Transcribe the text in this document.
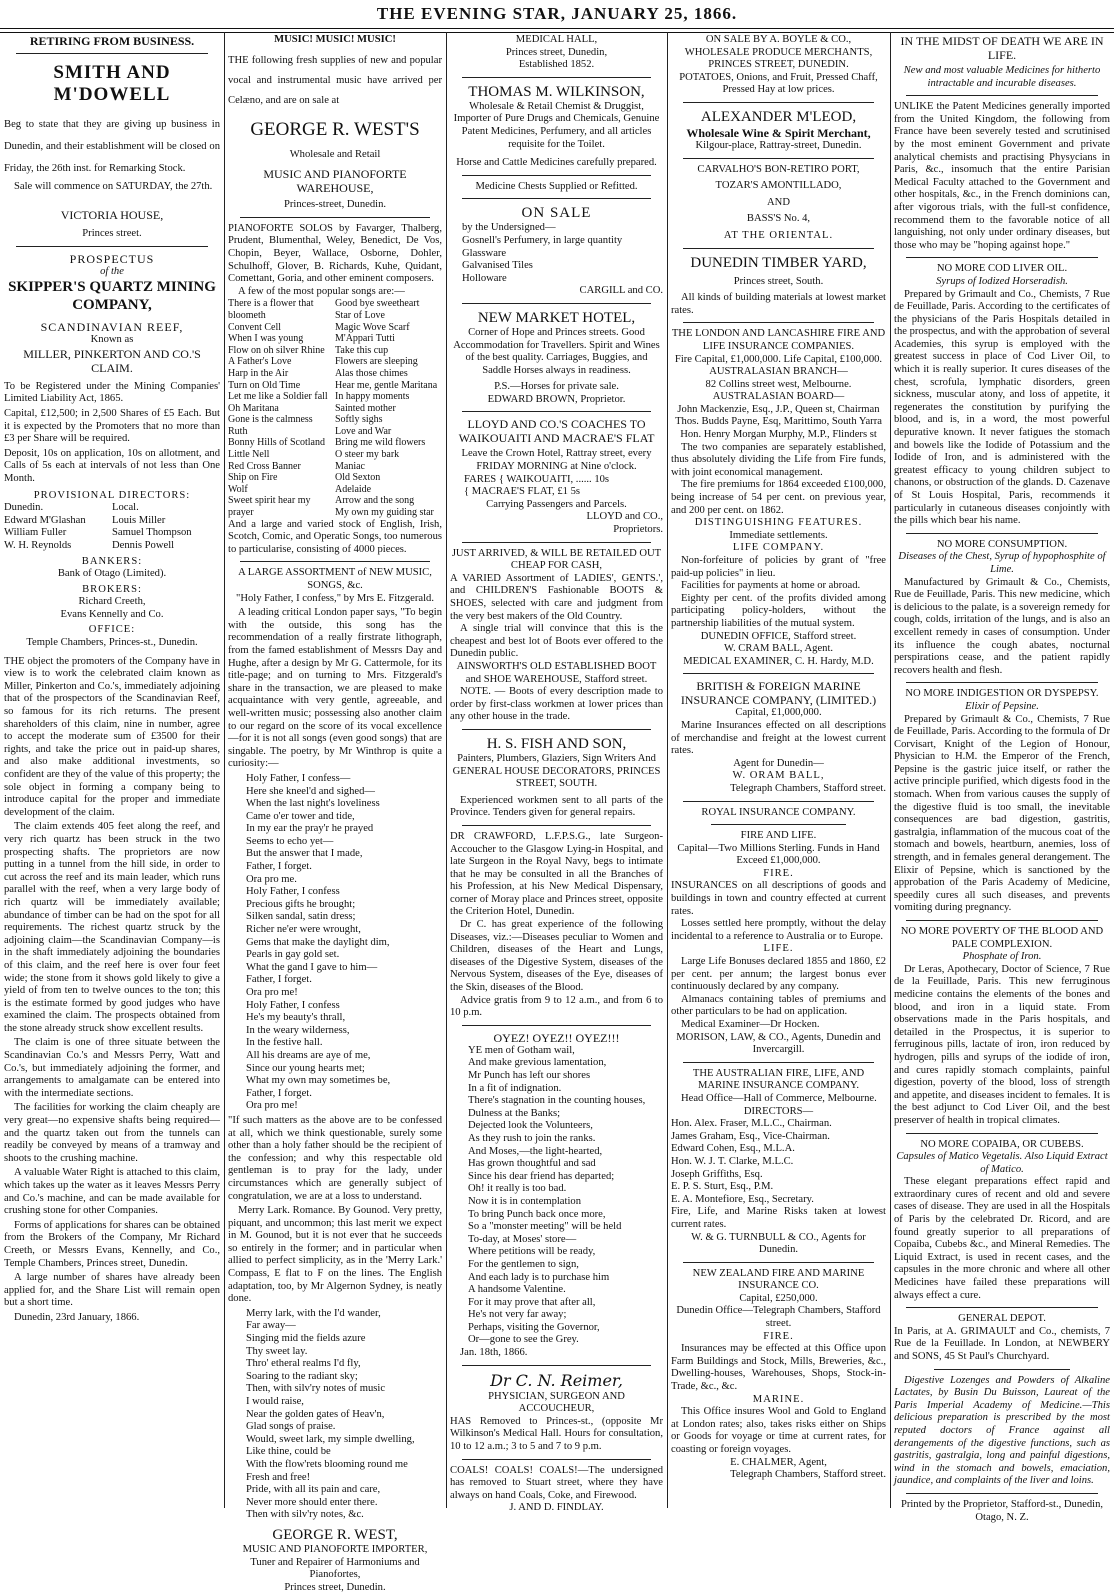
THE EVENING STAR, JANUARY 25, 1866.
RETIRING FROM BUSINESS.
SMITH AND M'DOWELL
Beg to state that they are giving up business in Dunedin, and their establishment will be closed on Friday, the 26th inst. for Remarking Stock.
Sale will commence on SATURDAY, the 27th.
VICTORIA HOUSE,
Princes street.
PROSPECTUS
of the
SKIPPER'S QUARTZ MINING
COMPANY,
SCANDINAVIAN REEF,
Known as
MILLER, PINKERTON AND CO.'S CLAIM.
To be Registered under the Mining Companies' Limited Liability Act, 1865.
Capital, £12,500; in 2,500 Shares of £5 Each. But it is expected by the Promoters that no more than £3 per Share will be required.
Deposit, 10s on application, 10s on allotment, and Calls of 5s each at intervals of not less than One Month.
PROVISIONAL DIRECTORS:
Dunedin.
Edward M'Glashan
William Fuller
W. H. Reynolds
Local.
Louis Miller
Samuel Thompson
Dennis Powell
BANKERS:
Bank of Otago (Limited).
BROKERS:
Richard Creeth,
Evans Kennelly and Co.
OFFICE:
Temple Chambers, Princes-st., Dunedin.
THE object the promoters of the Company have in view is to work the celebrated claim known as Miller, Pinkerton and Co.'s, immediately adjoining that of the prospectors of the Scandinavian Reef, so famous for its rich returns. The present shareholders of this claim, nine in number, agree to accept the moderate sum of £3500 for their rights, and take the price out in paid-up shares, and also make additional investments, so confident are they of the value of this property; the sole object in forming a company being to introduce capital for the proper and immediate development of the claim.
The claim extends 405 feet along the reef, and very rich quartz has been struck in the two prospecting shafts. The proprietors are now putting in a tunnel from the hill side, in order to cut across the reef and its main leader, which runs parallel with the reef, when a very large body of rich quartz will be immediately available; abundance of timber can be had on the spot for all requirements. The richest quartz struck by the adjoining claim—the Scandinavian Company—is in the shaft immediately adjoining the boundaries of this claim, and the reef here is over four feet wide; the stone from it shows gold likely to give a yield of from ten to twelve ounces to the ton; this is the estimate formed by good judges who have examined the claim. The prospects obtained from the stone already struck show excellent results.
The claim is one of three situate between the Scandinavian Co.'s and Messrs Perry, Watt and Co.'s, but immediately adjoining the former, and arrangements to amalgamate can be entered into with the intermediate sections.
The facilities for working the claim cheaply are very great—no expensive shafts being required—and the quartz taken out from the tunnels can readily be conveyed by means of a tramway and shoots to the crushing machine.
A valuable Water Right is attached to this claim, which takes up the water as it leaves Messrs Perry and Co.'s machine, and can be made available for crushing stone for other Companies.
Forms of applications for shares can be obtained from the Brokers of the Company, Mr Richard Creeth, or Messrs Evans, Kennelly, and Co., Temple Chambers, Princes street, Dunedin.
A large number of shares have already been applied for, and the Share List will remain open but a short time.
Dunedin, 23rd January, 1866.
MUSIC! MUSIC! MUSIC!
THE following fresh supplies of new and popular vocal and instrumental music have arrived per Celæno, and are on sale at
GEORGE R. WEST'S
Wholesale and Retail
MUSIC AND PIANOFORTE WAREHOUSE,
Princes-street, Dunedin.
PIANOFORTE SOLOS by Favarger, Thalberg, Prudent, Blumenthal, Weley, Benedict, De Vos, Chopin, Beyer, Wallace, Osborne, Dohler, Schulhoff, Glover, B. Richards, Kuhe, Quidant, Comettant, Goria, and other eminent composers.
A few of the most popular songs are:—
There is a flower that bloometh
Convent Cell
When I was young
Flow on oh silver Rhine
A Father's Love
Harp in the Air
Turn on Old Time
Let me like a Soldier fall
Oh Maritana
Gone is the calmness
Ruth
Bonny Hills of Scotland
Little Nell
Red Cross Banner
Ship on Fire
Wolf
Sweet spirit hear my prayer
Good bye sweetheart
Star of Love
Magic Wove Scarf
M'Appari Tutti
Take this cup
Flowers are sleeping
Alas those chimes
Hear me, gentle Maritana
In happy moments
Sainted mother
Softly sighs
Love and War
Bring me wild flowers
O steer my bark
Maniac
Old Sexton
Adelaide
Arrow and the song
My own my guiding star
And a large and varied stock of English, Irish, Scotch, Comic, and Operatic Songs, too numerous to particularise, consisting of 4000 pieces.
A LARGE ASSORTMENT of NEW MUSIC, SONGS, &c.
"Holy Father, I confess," by Mrs E. Fitzgerald.
A leading critical London paper says, "To begin with the outside, this song has the recommendation of a really firstrate lithograph, from the famed establishment of Messrs Day and Hughe, after a design by Mr G. Cattermole, for its title-page; and on turning to Mrs. Fitzgerald's share in the transaction, we are pleased to make acquaintance with very gentle, agreeable, and well-written music; possessing also another claim to our regard on the score of its vocal excellence—for it is not all songs (even good songs) that are singable. The poetry, by Mr Winthrop is quite a curiosity:—
Holy Father, I confess—
Here she kneel'd and sighed—
When the last night's loveliness
Came o'er tower and tide,
In my ear the pray'r he prayed
Seems to echo yet—
But the answer that I made,
Father, I forget.
Ora pro me.
Holy Father, I confess
Precious gifts he brought;
Silken sandal, satin dress;
Richer ne'er were wrought,
Gems that make the daylight dim,
Pearls in gay gold set.
What the gand I gave to him—
Father, I forget.
Ora pro me!
Holy Father, I confess
He's my beauty's thrall,
In the weary wilderness,
In the festive hall.
All his dreams are aye of me,
Since our young hearts met;
What my own may sometimes be,
Father, I forget.
Ora pro me!
"If such matters as the above are to be confessed at all, which we think questionable, surely some other than a holy father should be the recipient of the confession; and why this respectable old gentleman is to pray for the lady, under circumstances which are generally subject of congratulation, we are at a loss to understand.
Merry Lark. Romance. By Gounod. Very pretty, piquant, and uncommon; this last merit we expect in M. Gounod, but it is not ever that he succeeds so entirely in the former; and in particular when allied to perfect simplicity, as in the 'Merry Lark.' Compass, E flat to F on the lines. The English adaptation, too, by Mr Algernon Sydney, is neatly done.
Merry lark, with the I'd wander,
Far away—
Singing mid the fields azure
Thy sweet lay.
Thro' etheral realms I'd fly,
Soaring to the radiant sky;
Then, with silv'ry notes of music
I would raise,
Near the golden gates of Heav'n,
Glad songs of praise.
Would, sweet lark, my simple dwelling,
Like thine, could be
With the flow'rets blooming round me
Fresh and free!
Pride, with all its pain and care,
Never more should enter there.
Then with silv'ry notes, &c.
GEORGE R. WEST,
MUSIC AND PIANOFORTE IMPORTER,
Tuner and Repairer of Harmoniums and Pianofortes,
Princes street, Dunedin.
MEDICAL HALL,
Princes street, Dunedin,
Established 1852.
THOMAS M. WILKINSON,
Wholesale & Retail Chemist & Druggist, Importer of Pure Drugs and Chemicals, Genuine Patent Medicines, Perfumery, and all articles requisite for the Toilet.
Horse and Cattle Medicines carefully prepared.
Medicine Chests Supplied or Refitted.
ON SALE
by the Undersigned—
Gosnell's Perfumery, in large quantity
Glassware
Galvanised Tiles
Holloware
CARGILL and CO.
NEW MARKET HOTEL,
Corner of Hope and Princes streets. Good Accommodation for Travellers. Spirit and Wines of the best quality. Carriages, Buggies, and Saddle Horses always in readiness.
P.S.—Horses for private sale.
EDWARD BROWN, Proprietor.
LLOYD AND CO.'S COACHES TO WAIKOUAITI AND MACRAE'S FLAT
Leave the Crown Hotel, Rattray street, every FRIDAY MORNING at Nine o'clock.
FARES { WAIKOUAITI, ...... 10s
{ MACRAE'S FLAT, £1 5s
Carrying Passengers and Parcels.
LLOYD and CO.,
Proprietors.
JUST ARRIVED, & WILL BE RETAILED OUT CHEAP FOR CASH,
A VARIED Assortment of LADIES', GENTS.', and CHILDREN'S Fashionable BOOTS & SHOES, selected with care and judgment from the very best makers of the Old Country.
A single trial will convince that this is the cheapest and best lot of Boots ever offered to the Dunedin public.
AINSWORTH'S OLD ESTABLISHED BOOT and SHOE WAREHOUSE, Stafford street.
NOTE. — Boots of every description made to order by first-class workmen at lower prices than any other house in the trade.
H. S. FISH AND SON,
Painters, Plumbers, Glaziers, Sign Writers And GENERAL HOUSE DECORATORS, PRINCES STREET, SOUTH.
Experienced workmen sent to all parts of the Province. Tenders given for general repairs.
DR CRAWFORD, L.F.P.S.G., late Surgeon-Accoucher to the Glasgow Lying-in Hospital, and late Surgeon in the Royal Navy, begs to intimate that he may be consulted in all the Branches of his Profession, at his New Medical Dispensary, corner of Moray place and Princes street, opposite the Criterion Hotel, Dunedin.
Dr C. has great experience of the following Diseases, viz.:—Diseases peculiar to Women and Children, diseases of the Heart and Lungs, diseases of the Digestive System, diseases of the Nervous System, diseases of the Eye, diseases of the Skin, diseases of the Blood.
Advice gratis from 9 to 12 a.m., and from 6 to 10 p.m.
OYEZ! OYEZ!! OYEZ!!!
YE men of Gotham wail,
And make grevious lamentation,
Mr Punch has left our shores
In a fit of indignation.
There's stagnation in the counting houses,
Dulness at the Banks;
Dejected look the Volunteers,
As they rush to join the ranks.
And Moses,—the light-hearted,
Has grown thoughtful and sad
Since his dear friend has departed;
Oh! it really is too bad.
Now it is in contemplation
To bring Punch back once more,
So a "monster meeting" will be held
To-day, at Moses' store—
Where petitions will be ready,
For the gentlemen to sign,
And each lady is to purchase him
A handsome Valentine.
For it may prove that after all,
He's not very far away;
Perhaps, visiting the Governor,
Or—gone to see the Grey.
Jan. 18th, 1866.
Dr C. N. Reimer,
PHYSICIAN, SURGEON AND ACCOUCHEUR,
HAS Removed to Princes-st., (opposite Mr Wilkinson's Medical Hall. Hours for consultation, 10 to 12 a.m.; 3 to 5 and 7 to 9 p.m.
COALS! COALS! COALS!—The undersigned has removed to Stuart street, where they have always on hand Coals, Coke, and Firewood.
J. AND D. FINDLAY.
ON SALE BY A. BOYLE & CO.,
WHOLESALE PRODUCE MERCHANTS, PRINCES STREET, DUNEDIN.
POTATOES, Onions, and Fruit, Pressed Chaff, Pressed Hay at low prices.
ALEXANDER M'LEOD,
Wholesale Wine & Spirit Merchant,
Kilgour-place, Rattray-street, Dunedin.
CARVALHO'S BON-RETIRO PORT,
TOZAR'S AMONTILLADO,
AND
BASS'S No. 4,
AT THE ORIENTAL.
DUNEDIN TIMBER YARD,
Princes street, South.
All kinds of building materials at lowest market rates.
THE LONDON AND LANCASHIRE FIRE AND LIFE INSURANCE COMPANIES.
Fire Capital, £1,000,000. Life Capital, £100,000.
AUSTRALASIAN BRANCH—
82 Collins street west, Melbourne.
AUSTRALASIAN BOARD—
John Mackenzie, Esq., J.P., Queen st, Chairman
Thos. Budds Payne, Esq, Marittimo, South Yarra
Hon. Henry Morgan Murphy, M.P., Flinders st
The two companies are separately established, thus absolutely dividing the Life from Fire funds, with joint economical management.
The fire premiums for 1864 exceeded £100,000, being increase of 54 per cent. on previous year, and 200 per cent. on 1862.
DISTINGUISHING FEATURES.
Immediate settlements.
LIFE COMPANY.
Non-forfeiture of policies by grant of "free paid-up policies" in lieu.
Facilities for payments at home or abroad.
Eighty per cent. of the profits divided among participating policy-holders, without the partnership liabilities of the mutual system.
DUNEDIN OFFICE, Stafford street.
W. CRAM BALL, Agent.
MEDICAL EXAMINER, C. H. Hardy, M.D.
BRITISH & FOREIGN MARINE INSURANCE COMPANY, (LIMITED.)
Capital, £1,000,000.
Marine Insurances effected on all descriptions of merchandise and freight at the lowest current rates.
Agent for Dunedin—
W. ORAM BALL,
Telegraph Chambers, Stafford street.
ROYAL INSURANCE COMPANY.
FIRE AND LIFE.
Capital—Two Millions Sterling. Funds in Hand Exceed £1,000,000.
FIRE.
INSURANCES on all descriptions of goods and buildings in town and country effected at current rates.
Losses settled here promptly, without the delay incidental to a reference to Australia or to Europe.
LIFE.
Large Life Bonuses declared 1855 and 1860, £2 per cent. per annum; the largest bonus ever continuously declared by any company.
Almanacs containing tables of premiums and other particulars to be had on application.
Medical Examiner—Dr Hocken.
MORISON, LAW, & CO., Agents, Dunedin and Invercargill.
THE AUSTRALIAN FIRE, LIFE, AND MARINE INSURANCE COMPANY.
Head Office—Hall of Commerce, Melbourne.
DIRECTORS—
Hon. Alex. Fraser, M.L.C., Chairman.
James Graham, Esq., Vice-Chairman.
Edward Cohen, Esq., M.L.A.
Hon. W. J. T. Clarke, M.L.C.
Joseph Griffiths, Esq.
E. P. S. Sturt, Esq., P.M.
E. A. Montefiore, Esq., Secretary.
Fire, Life, and Marine Risks taken at lowest current rates.
W. & G. TURNBULL & CO., Agents for Dunedin.
NEW ZEALAND FIRE AND MARINE INSURANCE CO.
Capital, £250,000.
Dunedin Office—Telegraph Chambers, Stafford street.
FIRE.
Insurances may be effected at this Office upon Farm Buildings and Stock, Mills, Breweries, &c., Dwelling-houses, Warehouses, Shops, Stock-in-Trade, &c., &c.
MARINE.
This Office insures Wool and Gold to England at London rates; also, takes risks either on Ships or Goods for voyage or time at current rates, for coasting or foreign voyages.
E. CHALMER, Agent,
Telegraph Chambers, Stafford street.
IN THE MIDST OF DEATH WE ARE IN LIFE.
New and most valuable Medicines for hitherto intractable and incurable diseases.
UNLIKE the Patent Medicines generally imported from the United Kingdom, the following from France have been severely tested and scrutinised by the most eminent Government and private analytical chemists and practising Physycians in Paris, &c., insomuch that the entire Parisian Medical Faculty attached to the Government and other hospitals, &c., in the French dominions can, after vigorous trials, with the full-st confidence, recommend them to the favorable notice of all languishing, not only under ordinary diseases, but those who may be "hoping against hope."
NO MORE COD LIVER OIL.
Syrups of Iodized Horseradish.
Prepared by Grimault and Co., Chemists, 7 Rue de Feuillade, Paris. According to the certificates of the physicians of the Paris Hospitals detailed in the prospectus, and with the approbation of several Academies, this syrup is employed with the greatest success in place of Cod Liver Oil, to which it is really superior. It cures diseases of the chest, scrofula, lymphatic disorders, green sickness, muscular atony, and loss of appetite, it regenerates the constitution by purifying the blood, and is, in a word, the most powerful depurative known. It never fatigues the stomach and bowels like the Iodide of Potassium and the Iodide of Iron, and is administered with the greatest efficacy to young children subject to chanons, or obstruction of the glands. D. Cazenave of St Louis Hospital, Paris, recommends it particularly in cutaneous diseases conjointly with the pills which bear his name.
NO MORE CONSUMPTION.
Diseases of the Chest, Syrup of hypophosphite of Lime.
Manufactured by Grimault & Co., Chemists, Rue de Feuillade, Paris. This new medicine, which is delicious to the palate, is a sovereign remedy for cough, colds, irritation of the lungs, and is also an excellent remedy in cases of consumption. Under its influence the cough abates, nocturnal perspirations cease, and the patient rapidly recovers health and flesh.
NO MORE INDIGESTION OR DYSPEPSY.
Elixir of Pepsine.
Prepared by Grimault & Co., Chemists, 7 Rue de Feuillade, Paris. According to the formula of Dr Corvisart, Knight of the Legion of Honour, Physician to H.M. the Emperor of the French, Pepsine is the gastric juice itself, or rather the active principle purified, which digests food in the stomach. When from various causes the supply of the digestive fluid is too small, the inevitable consequences are bad digestion, gastritis, gastralgia, inflammation of the mucous coat of the stomach and bowels, heartburn, anemies, loss of strength, and in females general derangement. The Elixir of Pepsine, which is sanctioned by the approbation of the Paris Academy of Medicine, speedily cures all such diseases, and prevents vomiting during pregnancy.
NO MORE POVERTY OF THE BLOOD AND PALE COMPLEXION.
Phosphate of Iron.
Dr Leras, Apothecary, Doctor of Science, 7 Rue de la Feuillade, Paris. This new ferruginous medicine contains the elements of the bones and blood, and iron in a liquid state. From observations made in the Paris hospitals, and detailed in the Prospectus, it is superior to ferruginous pills, lactate of iron, iron reduced by hydrogen, pills and syrups of the iodide of iron, and cures rapidly stomach complaints, painful digestion, poverty of the blood, loss of strength and appetite, and diseases incident to females. It is the best adjunct to Cod Liver Oil, and the best preserver of health in tropical climates.
NO MORE COPAIBA, OR CUBEBS.
Capsules of Matico Vegetalis. Also Liquid Extract of Matico.
These elegant preparations effect rapid and extraordinary cures of recent and old and severe cases of disease. They are used in all the Hospitals of Paris by the celebrated Dr. Ricord, and are found greatly superior to all preparations of Copaiba, Cubebs &c., and Mineral Remedies. The Liquid Extract, is used in recent cases, and the capsules in the more chronic and where all other Medicines have failed these preparations will always effect a cure.
GENERAL DEPOT.
In Paris, at A. GRIMAULT and Co., chemists, 7 Rue de la Feuillade. In London, at NEWBERY and SONS, 45 St Paul's Churchyard.
Digestive Lozenges and Powders of Alkaline Lactates, by Busin Du Buisson, Laureat of the Paris Imperial Academy of Medicine.—This delicious preparation is prescribed by the most reputed doctors of France against all derangements of the digestive functions, such as gastritis, gastralgia, long and painful digestions, wind in the stomach and bowels, emaciation, jaundice, and complaints of the liver and loins.
Printed by the Proprietor, Stafford-st., Dunedin, Otago, N. Z.
